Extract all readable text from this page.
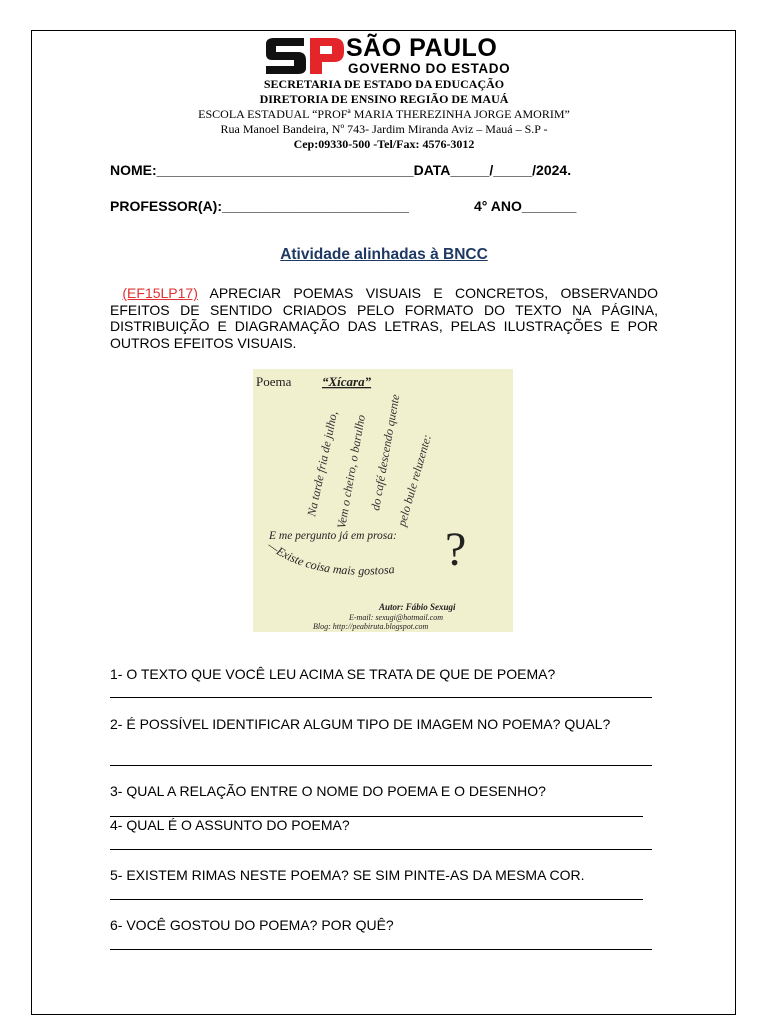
SÃO PAULO
GOVERNO DO ESTADO
SECRETARIA DE ESTADO DA EDUCAÇÃO
DIRETORIA DE ENSINO REGIÃO DE MAUÁ
ESCOLA ESTADUAL “PROFª MARIA THEREZINHA JORGE AMORIM”
Rua Manoel Bandeira, Nº 743- Jardim Miranda Aviz – Mauá – S.P -
Cep:09330-500 -Tel/Fax: 4576-3012
NOME:_________________________________DATA_____/_____/2024.
PROFESSOR(A):________________________	4° ANO_______
Atividade alinhadas à BNCC
(EF15LP17) APRECIAR POEMAS VISUAIS E CONCRETOS, OBSERVANDO EFEITOS DE SENTIDO CRIADOS PELO FORMATO DO TEXTO NA PÁGINA, DISTRIBUIÇÃO E DIAGRAMAÇÃO DAS LETRAS, PELAS ILUSTRAÇÕES E POR OUTROS EFEITOS VISUAIS.
Poema “Xícara”
Na tarde fria de julho,
Vem o cheiro, o barulho do café descendo quente
pelo bule reluzente:
E me pergunto já em prosa:
—Existe coisa mais gostosa ?
Autor: Fábio Sexugi
E-mail: sexugi@hotmail.com
Blog: http://peabiruta.blogspot.com
1- O TEXTO QUE VOCÊ LEU ACIMA SE TRATA DE QUE DE POEMA?
2- É POSSÍVEL IDENTIFICAR ALGUM TIPO DE IMAGEM NO POEMA? QUAL?
3- QUAL A RELAÇÃO ENTRE O NOME DO POEMA E O DESENHO?
4- QUAL É O ASSUNTO DO POEMA?
5- EXISTEM RIMAS NESTE POEMA? SE SIM PINTE-AS DA MESMA COR.
6- VOCÊ GOSTOU DO POEMA? POR QUÊ?
